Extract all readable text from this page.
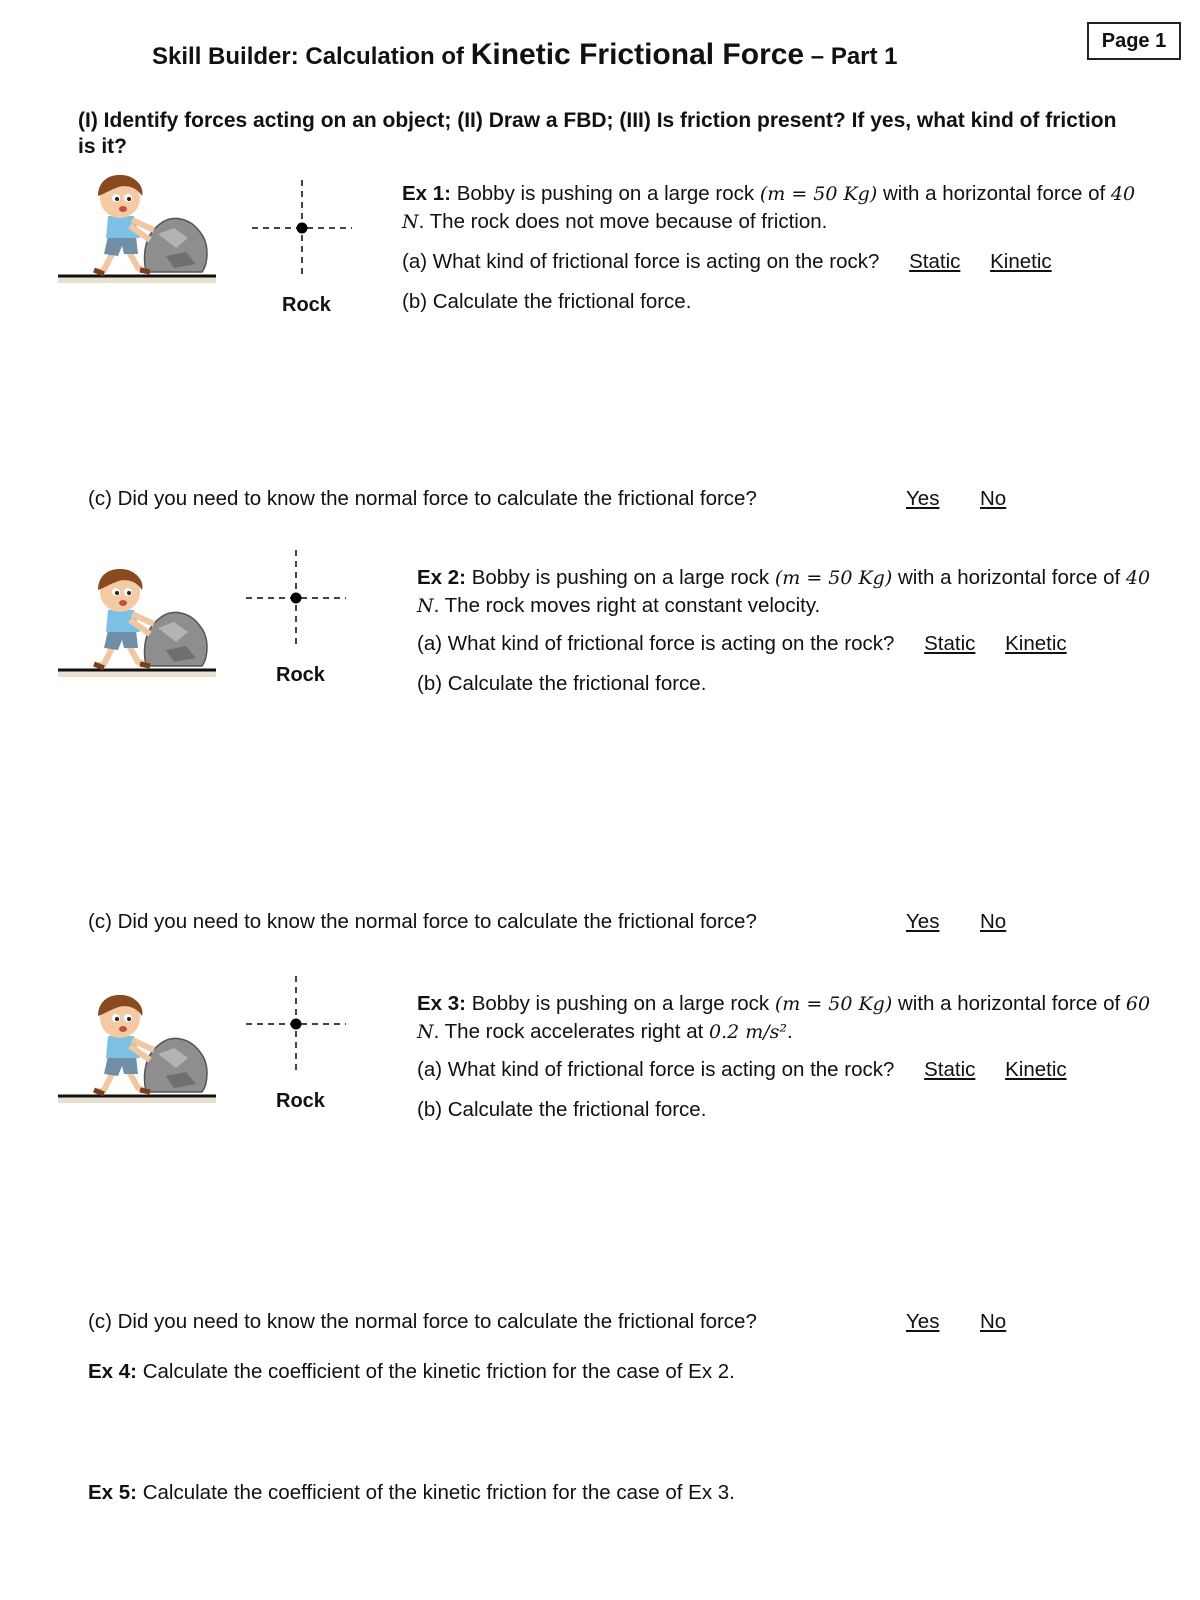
Page 1
Skill Builder: Calculation of Kinetic Frictional Force – Part 1
(I) Identify forces acting on an object; (II) Draw a FBD; (III) Is friction present? If yes, what kind of friction is it?
Rock
Ex 1: Bobby is pushing on a large rock (m = 50 Kg) with a horizontal force of 40 N. The rock does not move because of friction.
(a) What kind of frictional force is acting on the rock? Static Kinetic
(b) Calculate the frictional force.
(c) Did you need to know the normal force to calculate the frictional force?	Yes No
Rock
Ex 2: Bobby is pushing on a large rock (m = 50 Kg) with a horizontal force of 40 N. The rock moves right at constant velocity.
(a) What kind of frictional force is acting on the rock? Static Kinetic
(b) Calculate the frictional force.
(c) Did you need to know the normal force to calculate the frictional force?	Yes No
Rock
Ex 3: Bobby is pushing on a large rock (m = 50 Kg) with a horizontal force of 60 N. The rock accelerates right at 0.2 m/s².
(a) What kind of frictional force is acting on the rock? Static Kinetic
(b) Calculate the frictional force.
(c) Did you need to know the normal force to calculate the frictional force?	Yes No
Ex 4: Calculate the coefficient of the kinetic friction for the case of Ex 2.
Ex 5: Calculate the coefficient of the kinetic friction for the case of Ex 3.
